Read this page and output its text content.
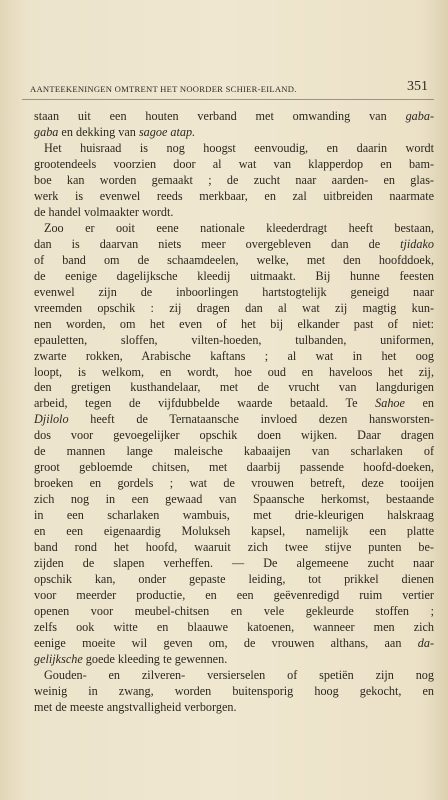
AANTEEKENINGEN OMTRENT HET NOORDER SCHIER-EILAND.	351
staan uit een houten verband met omwanding van gaba-
gaba en dekking van sagoe atap.
Het huisraad is nog hoogst eenvoudig, en daarin wordt
grootendeels voorzien door al wat van klapperdop en bam-
boe kan worden gemaakt ; de zucht naar aarden- en glas-
werk is evenwel reeds merkbaar, en zal uitbreiden naarmate
de handel volmaakter wordt.
Zoo er ooit eene nationale kleederdragt heeft bestaan,
dan is daarvan niets meer overgebleven dan de tjidako
of band om de schaamdeelen, welke, met den hoofddoek,
de eenige dagelijksche kleedij uitmaakt. Bij hunne feesten
evenwel zijn de inboorlingen hartstogtelijk geneigd naar
vreemden opschik : zij dragen dan al wat zij magtig kun-
nen worden, om het even of het bij elkander past of niet:
epauletten, sloffen, vilten-hoeden, tulbanden, uniformen,
zwarte rokken, Arabische kaftans ; al wat in het oog
loopt, is welkom, en wordt, hoe oud en haveloos het zij,
den gretigen kusthandelaar, met de vrucht van langdurigen
arbeid, tegen de vijfdubbelde waarde betaald. Te Sahoe en
Djilolo heeft de Ternataansche invloed dezen hansworsten-
dos voor gevoegelijker opschik doen wijken. Daar dragen
de mannen lange maleische kabaaijen van scharlaken of
groot gebloemde chitsen, met daarbij passende hoofd-doeken,
broeken en gordels ; wat de vrouwen betreft, deze tooijen
zich nog in een gewaad van Spaansche herkomst, bestaande
in een scharlaken wambuis, met drie-kleurigen halskraag
en een eigenaardig Molukseh kapsel, namelijk een platte
band rond het hoofd, waaruit zich twee stijve punten be-
zijden de slapen verheffen. — De algemeene zucht naar
opschik kan, onder gepaste leiding, tot prikkel dienen
voor meerder productie, en een geëvenredigd ruim vertier
openen voor meubel-chitsen en vele gekleurde stoffen ;
zelfs ook witte en blaauwe katoenen, wanneer men zich
eenige moeite wil geven om, de vrouwen althans, aan da-
gelijksche goede kleeding te gewennen.
Gouden- en zilveren- versierselen of spetiën zijn nog
weinig in zwang, worden buitensporig hoog gekocht, en
met de meeste angstvalligheid verborgen.
